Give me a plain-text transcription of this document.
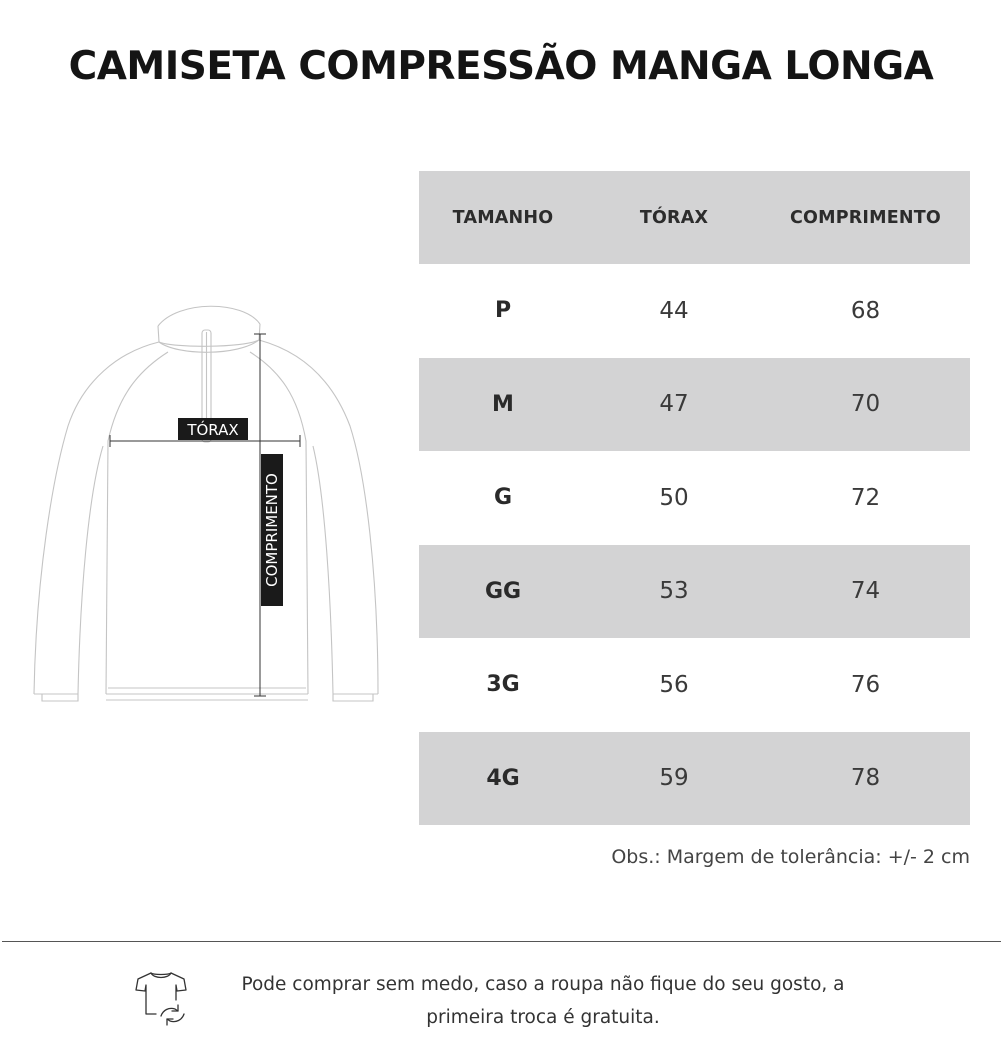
CAMISETA COMPRESSÃO MANGA LONGA
TÓRAX
COMPRIMENTO
TAMANHO	TÓRAX	COMPRIMENTO
P	44	68
M	47	70
G	50	72
GG	53	74
3G	56	76
4G	59	78
Obs.: Margem de tolerância: +/- 2 cm
Pode comprar sem medo, caso a roupa não fique do seu gosto, a
primeira troca é gratuita.
